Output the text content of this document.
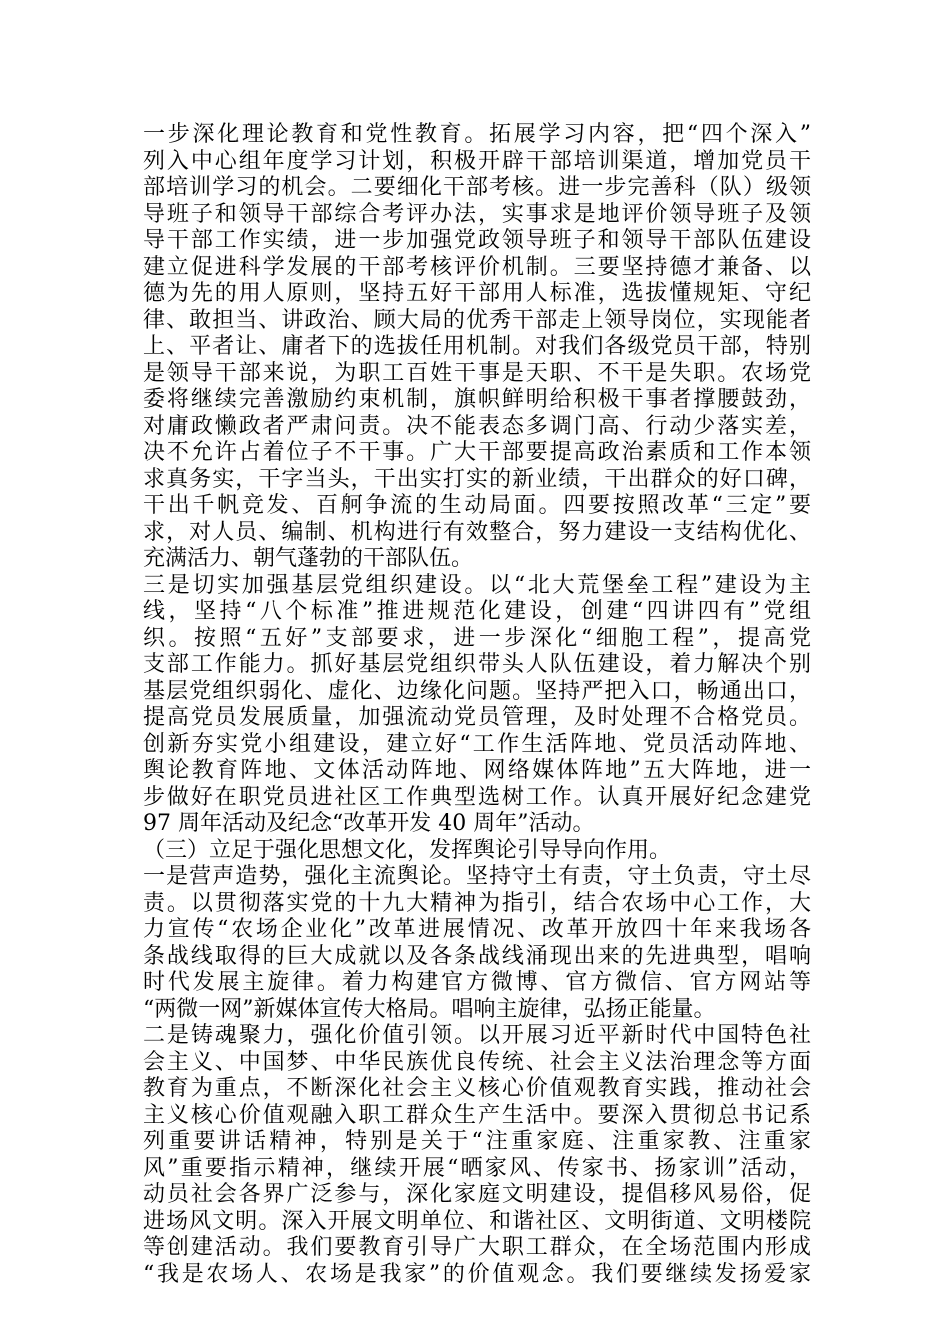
一步深化理论教育和党性教育。拓展学习内容，把“四个深入”
列入中心组年度学习计划，积极开辟干部培训渠道，增加党员干
部培训学习的机会。二要细化干部考核。进一步完善科（队）级领
导班子和领导干部综合考评办法，实事求是地评价领导班子及领
导干部工作实绩，进一步加强党政领导班子和领导干部队伍建设
建立促进科学发展的干部考核评价机制。三要坚持德才兼备、以
德为先的用人原则，坚持五好干部用人标准，选拔懂规矩、守纪
律、敢担当、讲政治、顾大局的优秀干部走上领导岗位，实现能者
上、平者让、庸者下的选拔任用机制。对我们各级党员干部，特别
是领导干部来说，为职工百姓干事是天职、不干是失职。农场党
委将继续完善激励约束机制，旗帜鲜明给积极干事者撑腰鼓劲，
对庸政懒政者严肃问责。决不能表态多调门高、行动少落实差，
决不允许占着位子不干事。广大干部要提高政治素质和工作本领
求真务实，干字当头，干出实打实的新业绩，干出群众的好口碑，
干出千帆竞发、百舸争流的生动局面。四要按照改革“三定”要
求，对人员、编制、机构进行有效整合，努力建设一支结构优化、
充满活力、朝气蓬勃的干部队伍。
三是切实加强基层党组织建设。以“北大荒堡垒工程”建设为主
线，坚持“八个标准”推进规范化建设，创建“四讲四有”党组
织。按照“五好”支部要求，进一步深化“细胞工程”，提高党
支部工作能力。抓好基层党组织带头人队伍建设，着力解决个别
基层党组织弱化、虚化、边缘化问题。坚持严把入口，畅通出口，
提高党员发展质量，加强流动党员管理，及时处理不合格党员。
创新夯实党小组建设，建立好“工作生活阵地、党员活动阵地、
舆论教育阵地、文体活动阵地、网络媒体阵地”五大阵地，进一
步做好在职党员进社区工作典型选树工作。认真开展好纪念建党
97 周年活动及纪念“改革开发 40 周年”活动。
（三）立足于强化思想文化，发挥舆论引导导向作用。
一是营声造势，强化主流舆论。坚持守土有责，守土负责，守土尽
责。以贯彻落实党的十九大精神为指引，结合农场中心工作，大
力宣传“农场企业化”改革进展情况、改革开放四十年来我场各
条战线取得的巨大成就以及各条战线涌现出来的先进典型，唱响
时代发展主旋律。着力构建官方微博、官方微信、官方网站等
“两微一网”新媒体宣传大格局。唱响主旋律，弘扬正能量。
二是铸魂聚力，强化价值引领。以开展习近平新时代中国特色社
会主义、中国梦、中华民族优良传统、社会主义法治理念等方面
教育为重点，不断深化社会主义核心价值观教育实践，推动社会
主义核心价值观融入职工群众生产生活中。要深入贯彻总书记系
列重要讲话精神，特别是关于“注重家庭、注重家教、注重家
风”重要指示精神，继续开展“晒家风、传家书、扬家训”活动，
动员社会各界广泛参与，深化家庭文明建设，提倡移风易俗，促
进场风文明。深入开展文明单位、和谐社区、文明街道、文明楼院
等创建活动。我们要教育引导广大职工群众，在全场范围内形成
“我是农场人、农场是我家”的价值观念。我们要继续发扬爱家
